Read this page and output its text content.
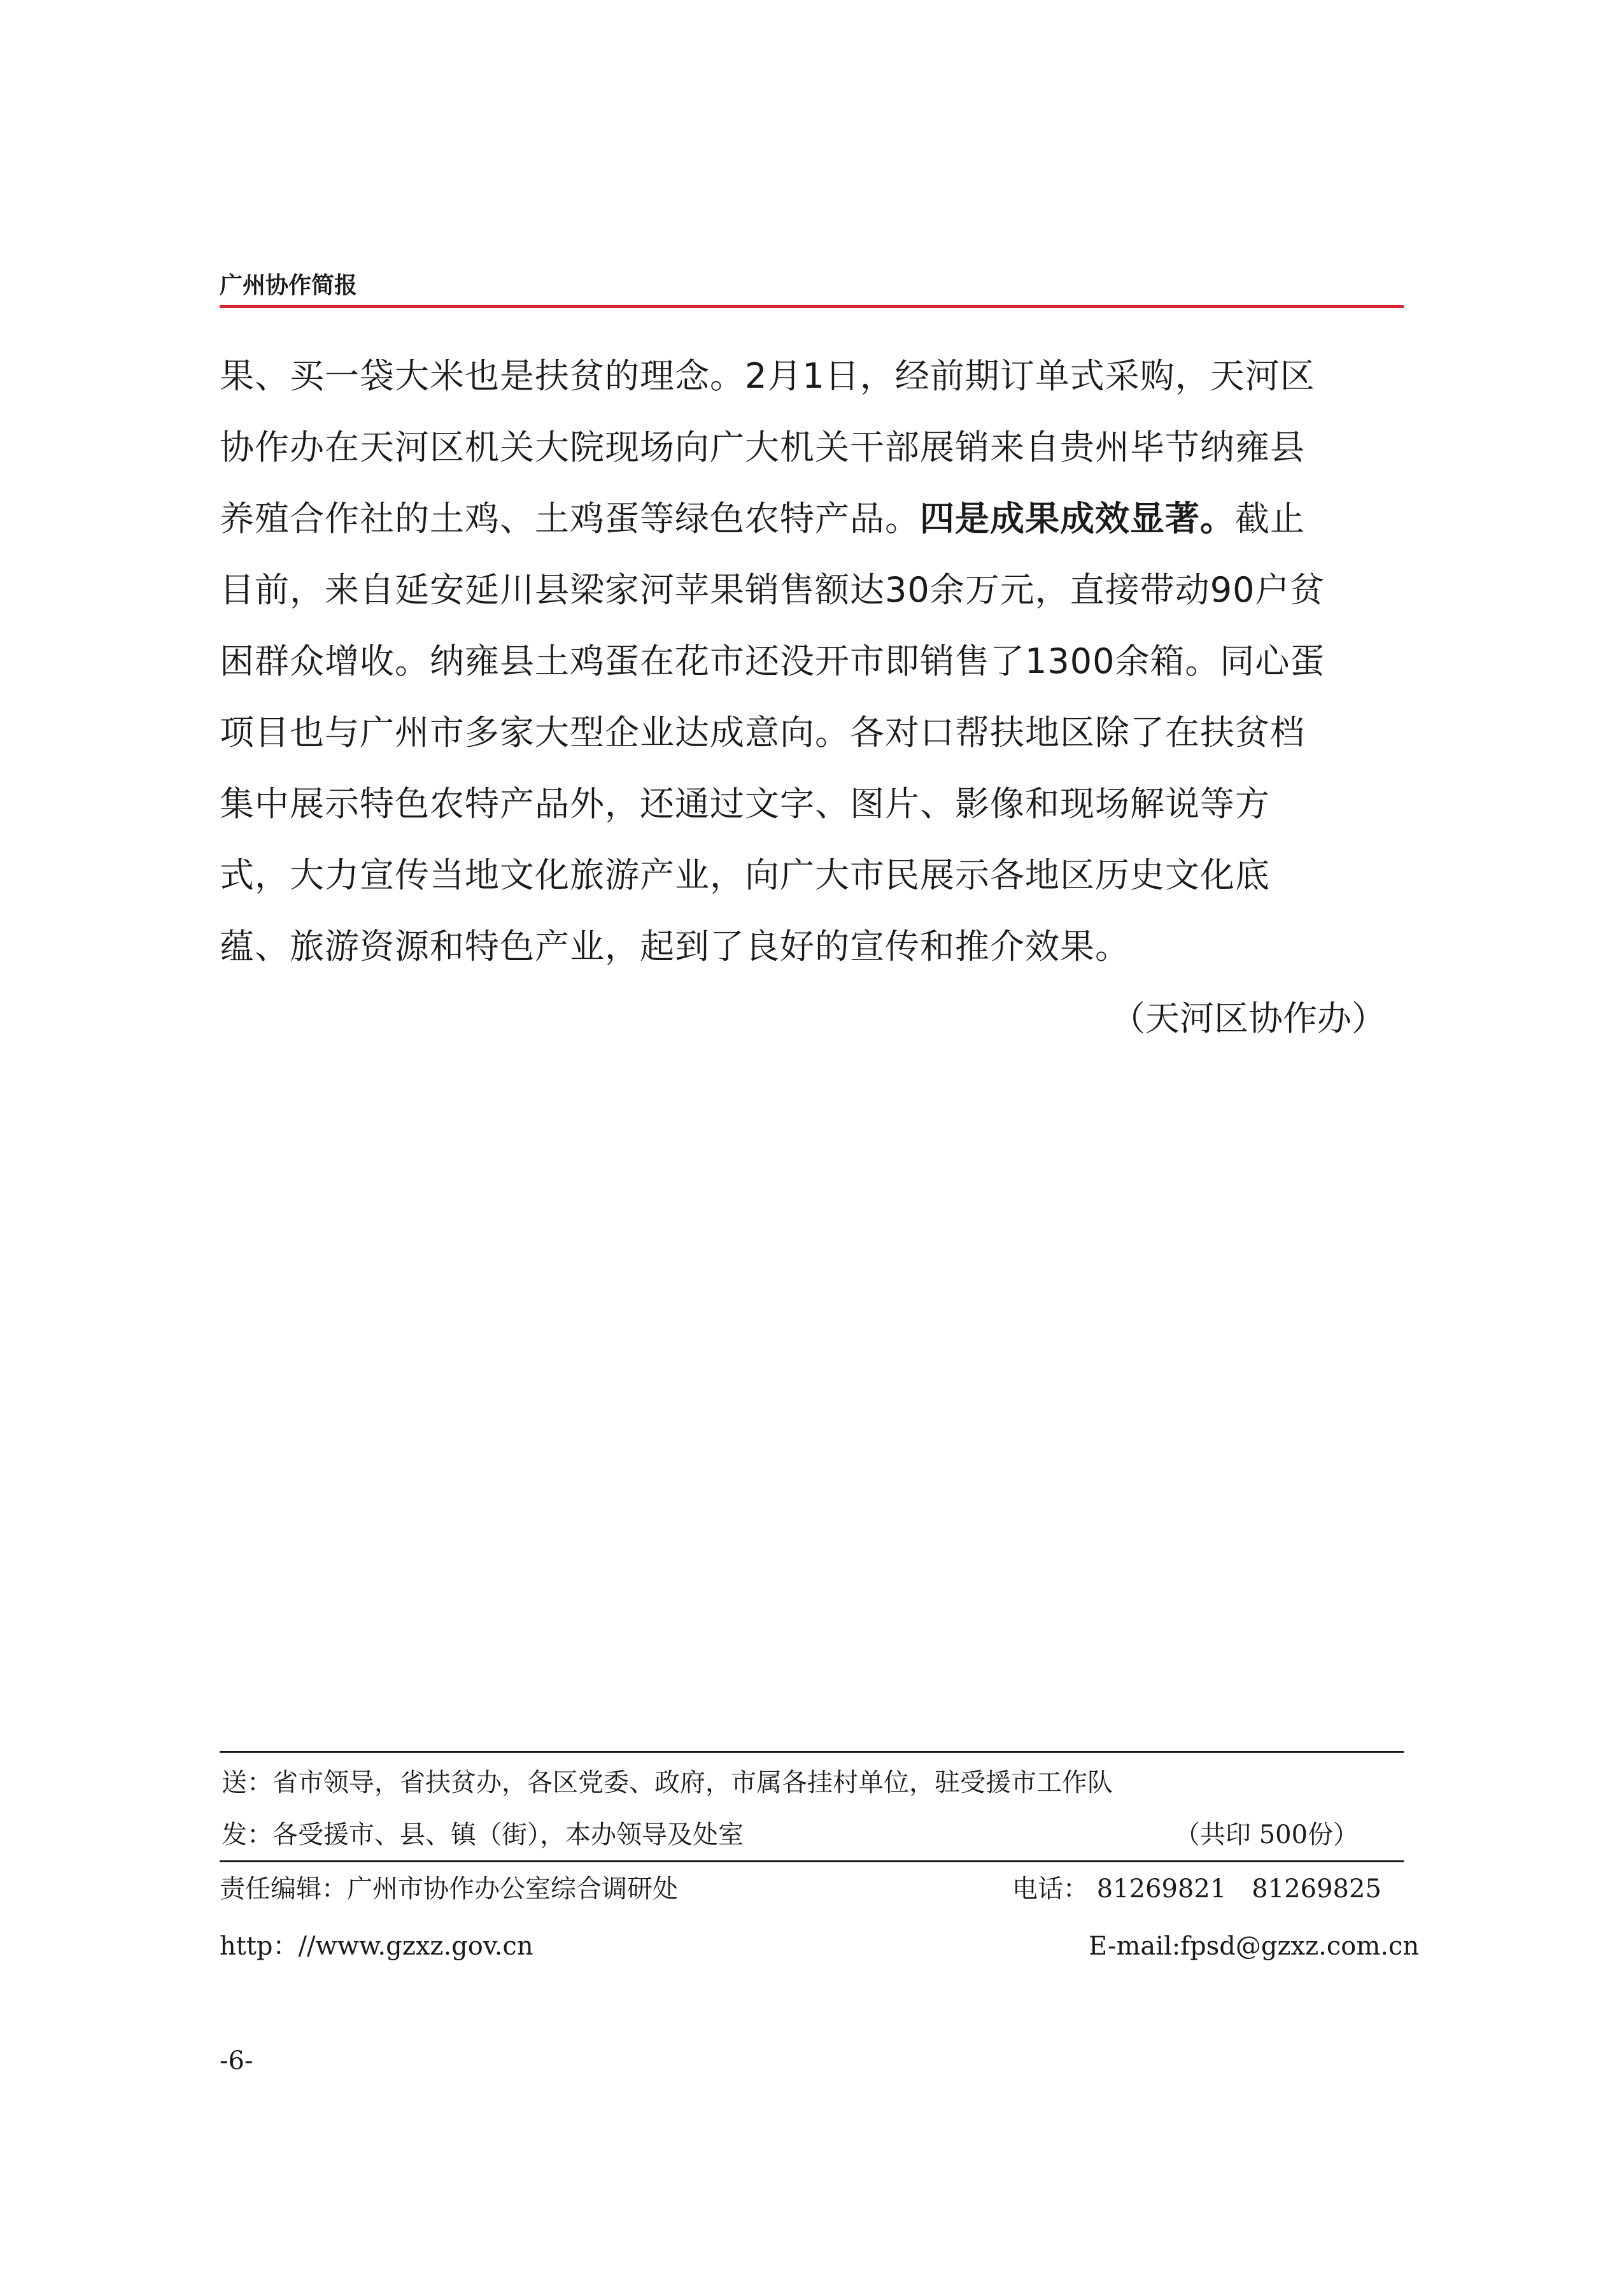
广州协作简报
果、买一袋大米也是扶贫的理念。2月1日，经前期订单式采购，天河区
协作办在天河区机关大院现场向广大机关干部展销来自贵州毕节纳雍县
养殖合作社的土鸡、土鸡蛋等绿色农特产品。四是成果成效显著。截止
目前，来自延安延川县梁家河苹果销售额达30余万元，直接带动90户贫
困群众增收。纳雍县土鸡蛋在花市还没开市即销售了1300余箱。同心蛋
项目也与广州市多家大型企业达成意向。各对口帮扶地区除了在扶贫档
集中展示特色农特产品外，还通过文字、图片、影像和现场解说等方
式，大力宣传当地文化旅游产业，向广大市民展示各地区历史文化底
蕴、旅游资源和特色产业，起到了良好的宣传和推介效果。
（天河区协作办）
送：省市领导，省扶贫办，各区党委、政府，市属各挂村单位，驻受援市工作队
发：各受援市、县、镇（街），本办领导及处室	（共印 500份）
责任编辑：广州市协作办公室综合调研处	电话： 81269821　81269825
http：//www.gzxz.gov.cn	E-mail:fpsd@gzxz.com.cn
-6-
